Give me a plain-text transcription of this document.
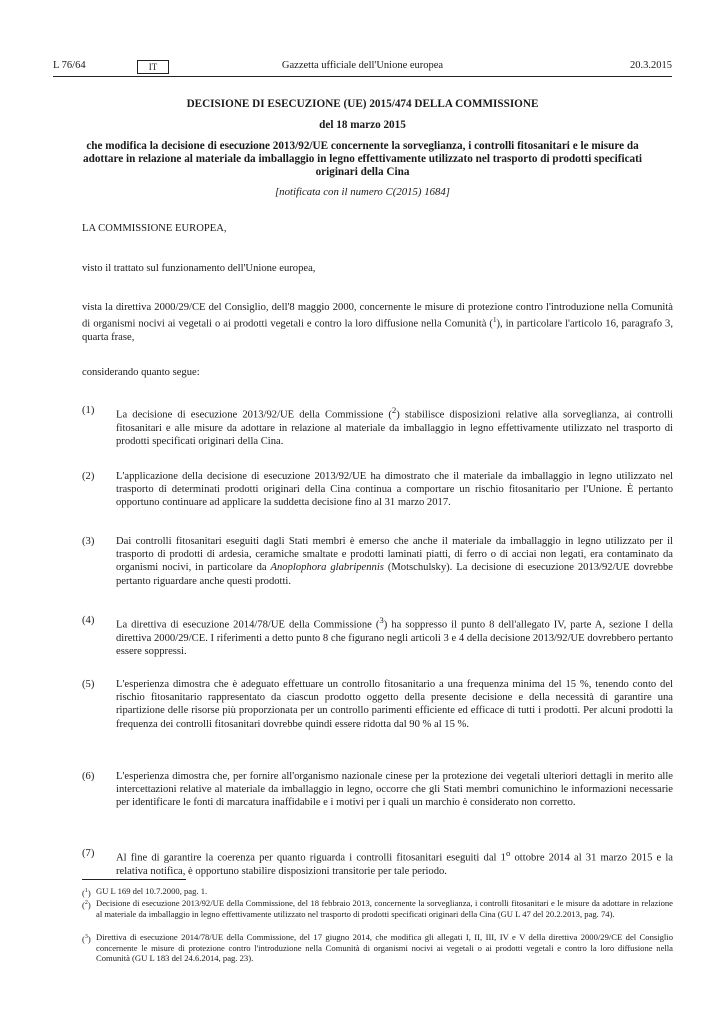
L 76/64	IT	Gazzetta ufficiale dell'Unione europea	20.3.2015
DECISIONE DI ESECUZIONE (UE) 2015/474 DELLA COMMISSIONE
del 18 marzo 2015
che modifica la decisione di esecuzione 2013/92/UE concernente la sorveglianza, i controlli fitosanitari e le misure da adottare in relazione al materiale da imballaggio in legno effettivamente utilizzato nel trasporto di prodotti specificati originari della Cina
[notificata con il numero C(2015) 1684]
LA COMMISSIONE EUROPEA,
visto il trattato sul funzionamento dell'Unione europea,
vista la direttiva 2000/29/CE del Consiglio, dell'8 maggio 2000, concernente le misure di protezione contro l'introduzione nella Comunità di organismi nocivi ai vegetali o ai prodotti vegetali e contro la loro diffusione nella Comunità ($^1$), in particolare l'articolo 16, paragrafo 3, quarta frase,
considerando quanto segue:
(1)	La decisione di esecuzione 2013/92/UE della Commissione ($^2$) stabilisce disposizioni relative alla sorveglianza, ai controlli fitosanitari e alle misure da adottare in relazione al materiale da imballaggio in legno effettivamente utilizzato nel trasporto di prodotti specificati originari della Cina.
(2)	L'applicazione della decisione di esecuzione 2013/92/UE ha dimostrato che il materiale da imballaggio in legno utilizzato nel trasporto di determinati prodotti originari della Cina continua a comportare un rischio fitosanitario per l'Unione. È pertanto opportuno continuare ad applicare la suddetta decisione fino al 31 marzo 2017.
(3)	Dai controlli fitosanitari eseguiti dagli Stati membri è emerso che anche il materiale da imballaggio in legno utilizzato per il trasporto di prodotti di ardesia, ceramiche smaltate e prodotti laminati piatti, di ferro o di acciai non legati, era contaminato da organismi nocivi, in particolare da Anoplophora glabripennis (Motschulsky). La decisione di esecuzione 2013/92/UE dovrebbe pertanto riguardare anche questi prodotti.
(4)	La direttiva di esecuzione 2014/78/UE della Commissione ($^3$) ha soppresso il punto 8 dell'allegato IV, parte A, sezione I della direttiva 2000/29/CE. I riferimenti a detto punto 8 che figurano negli articoli 3 e 4 della decisione 2013/92/UE dovrebbero pertanto essere soppressi.
(5)	L'esperienza dimostra che è adeguato effettuare un controllo fitosanitario a una frequenza minima del 15 %, tenendo conto del rischio fitosanitario rappresentato da ciascun prodotto oggetto della presente decisione e della necessità di garantire una ripartizione delle risorse più proporzionata per un controllo parimenti efficiente ed efficace di tutti i prodotti. Per alcuni prodotti la frequenza dei controlli fitosanitari dovrebbe quindi essere ridotta dal 90 % al 15 %.
(6)	L'esperienza dimostra che, per fornire all'organismo nazionale cinese per la protezione dei vegetali ulteriori dettagli in merito alle intercettazioni relative al materiale da imballaggio in legno, occorre che gli Stati membri comunichino le informazioni necessarie per identificare le fonti di marcatura inaffidabile e i motivi per i quali un marchio è considerato non corretto.
(7)	Al fine di garantire la coerenza per quanto riguarda i controlli fitosanitari eseguiti dal 1$^o$ ottobre 2014 al 31 marzo 2015 e la relativa notifica, è opportuno stabilire disposizioni transitorie per tale periodo.
($^1$) GU L 169 del 10.7.2000, pag. 1.
($^2$) Decisione di esecuzione 2013/92/UE della Commissione, del 18 febbraio 2013, concernente la sorveglianza, i controlli fitosanitari e le misure da adottare in relazione al materiale da imballaggio in legno effettivamente utilizzato nel trasporto di prodotti specificati originari della Cina (GU L 47 del 20.2.2013, pag. 74).
($^3$) Direttiva di esecuzione 2014/78/UE della Commissione, del 17 giugno 2014, che modifica gli allegati I, II, III, IV e V della direttiva 2000/29/CE del Consiglio concernente le misure di protezione contro l'introduzione nella Comunità di organismi nocivi ai vegetali o ai prodotti vegetali e contro la loro diffusione nella Comunità (GU L 183 del 24.6.2014, pag. 23).
